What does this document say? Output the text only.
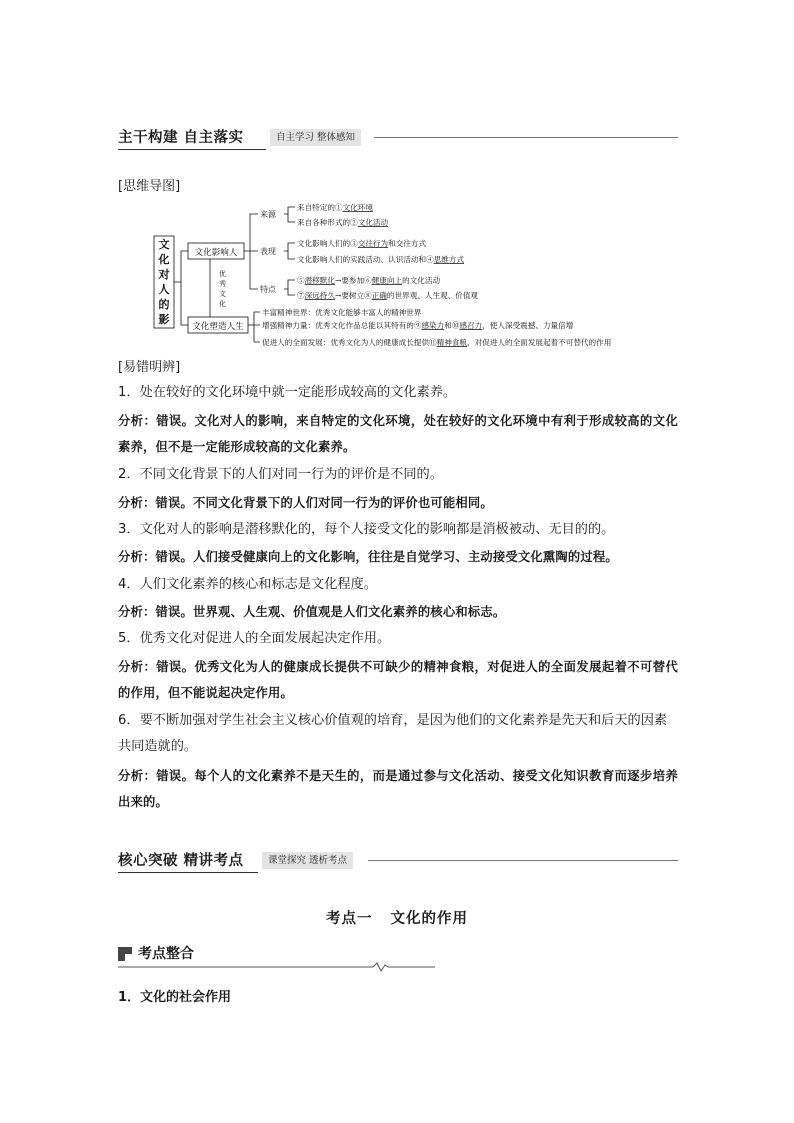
主干构建 自主落实	自主学习 整体感知
[思维导图]
文
化
对
人
的
影
文化影响人
文化塑造人生
优
秀
文
化
来源
表现
特点
来自特定的①文化环境
来自各种形式的②文化活动
文化影响人们的③交往行为和交往方式
文化影响人们的实践活动、认识活动和④思维方式
⑤潜移默化→要参加⑥健康向上的文化活动
⑦深远持久→要树立⑧正确的世界观、人生观、价值观
丰富精神世界：优秀文化能够丰富人的精神世界
增强精神力量：优秀文化作品总能以其特有的⑨感染力和⑩感召力，使人深受震撼、力量倍增
促进人的全面发展：优秀文化为人的健康成长提供⑪精神食粮，对促进人的全面发展起着不可替代的作用
[易错明辨]
1．处在较好的文化环境中就一定能形成较高的文化素养。
分析：错误。文化对人的影响，来自特定的文化环境，处在较好的文化环境中有利于形成较高的文化素养，但不是一定能形成较高的文化素养。
2．不同文化背景下的人们对同一行为的评价是不同的。
分析：错误。不同文化背景下的人们对同一行为的评价也可能相同。
3．文化对人的影响是潜移默化的，每个人接受文化的影响都是消极被动、无目的的。
分析：错误。人们接受健康向上的文化影响，往往是自觉学习、主动接受文化熏陶的过程。
4．人们文化素养的核心和标志是文化程度。
分析：错误。世界观、人生观、价值观是人们文化素养的核心和标志。
5．优秀文化对促进人的全面发展起决定作用。
分析：错误。优秀文化为人的健康成长提供不可缺少的精神食粮，对促进人的全面发展起着不可替代的作用，但不能说起决定作用。
6．要不断加强对学生社会主义核心价值观的培育，是因为他们的文化素养是先天和后天的因素共同造就的。
分析：错误。每个人的文化素养不是天生的，而是通过参与文化活动、接受文化知识教育而逐步培养出来的。
核心突破 精讲考点	课堂探究 透析考点
考点一 文化的作用
考点整合
1．文化的社会作用
